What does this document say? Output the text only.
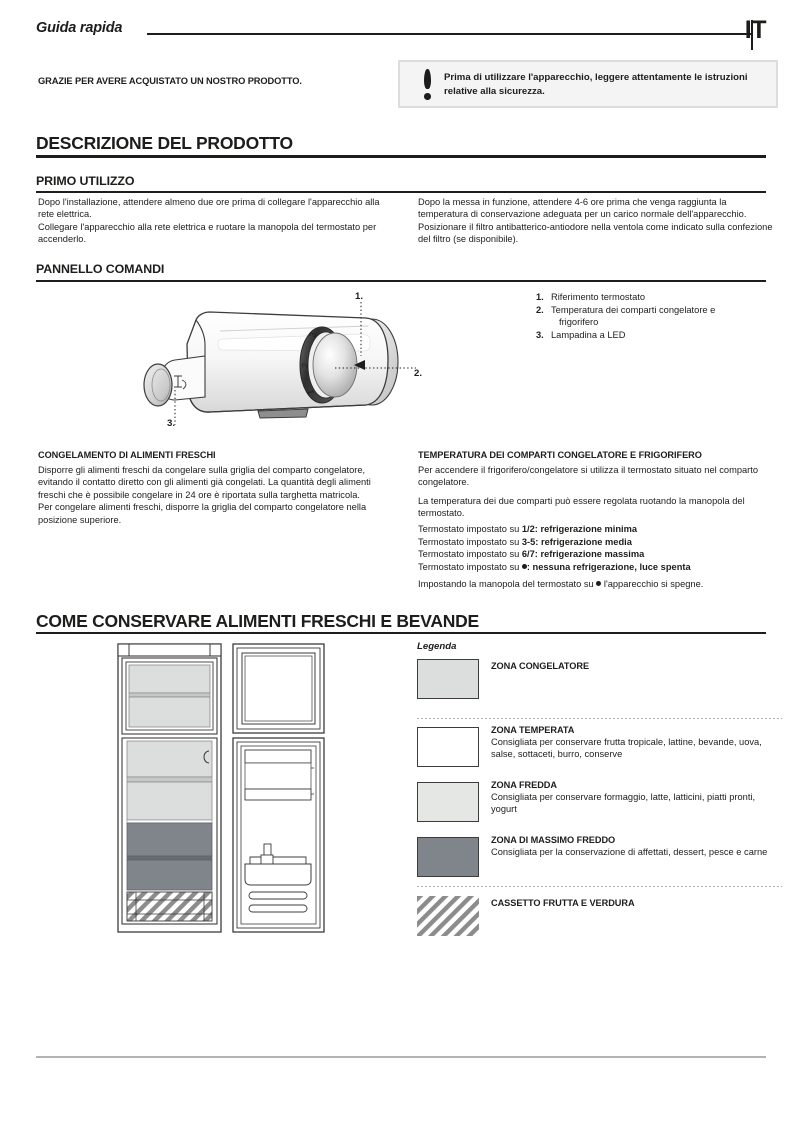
Guida rapida	IT
GRAZIE PER AVERE ACQUISTATO UN NOSTRO PRODOTTO.	Prima di utilizzare l'apparecchio, leggere attentamente le istruzioni relative alla sicurezza.
DESCRIZIONE DEL PRODOTTO
PRIMO UTILIZZO

Dopo l'installazione, attendere almeno due ore prima di collegare l'apparecchio alla rete elettrica.

Collegare l'apparecchio alla rete elettrica e ruotare la manopola del termostato per accenderlo.

Dopo la messa in funzione, attendere 4-6 ore prima che venga raggiunta la temperatura di conservazione adeguata per un carico normale dell'apparecchio. Posizionare il filtro antibatterico-antiodore nella ventola come indicato sulla confezione del filtro (se disponibile).

PANNELLO COMANDI
3
2
1
1.
2.
3.
1. Riferimento termostato
2. Temperatura dei comparti congelatore e
frigorifero
3. Lampadina a LED
CONGELAMENTO DI ALIMENTI FRESCHI

Disporre gli alimenti freschi da congelare sulla griglia del comparto congelatore, evitando il contatto diretto con gli alimenti già congelati. La quantità degli alimenti freschi che è possibile congelare in 24 ore è riportata sulla targhetta matricola.

Per congelare alimenti freschi, disporre la griglia del comparto congelatore nella posizione superiore.

TEMPERATURA DEI COMPARTI CONGELATORE E FRIGORIFERO

Per accendere il frigorifero/congelatore si utilizza il termostato situato nel comparto congelatore.

La temperatura dei due comparti può essere regolata ruotando la manopola del termostato.

Termostato impostato su 1/2: refrigerazione minima
Termostato impostato su 3-5: refrigerazione media
Termostato impostato su 6/7: refrigerazione massima
Termostato impostato su : nessuna refrigerazione, luce spenta
Impostando la manopola del termostato su  l'apparecchio si spegne.
COME CONSERVARE ALIMENTI FRESCHI E BEVANDE
Legenda
ZONA CONGELATORE
ZONA TEMPERATA
Consigliata per conservare frutta tropicale, lattine, bevande, uova, salse, sottaceti, burro, conserve
ZONA FREDDA
Consigliata per conservare formaggio, latte, latticini, piatti pronti, yogurt
ZONA DI MASSIMO FREDDO
Consigliata per la conservazione di affettati, dessert, pesce e carne
CASSETTO FRUTTA E VERDURA
